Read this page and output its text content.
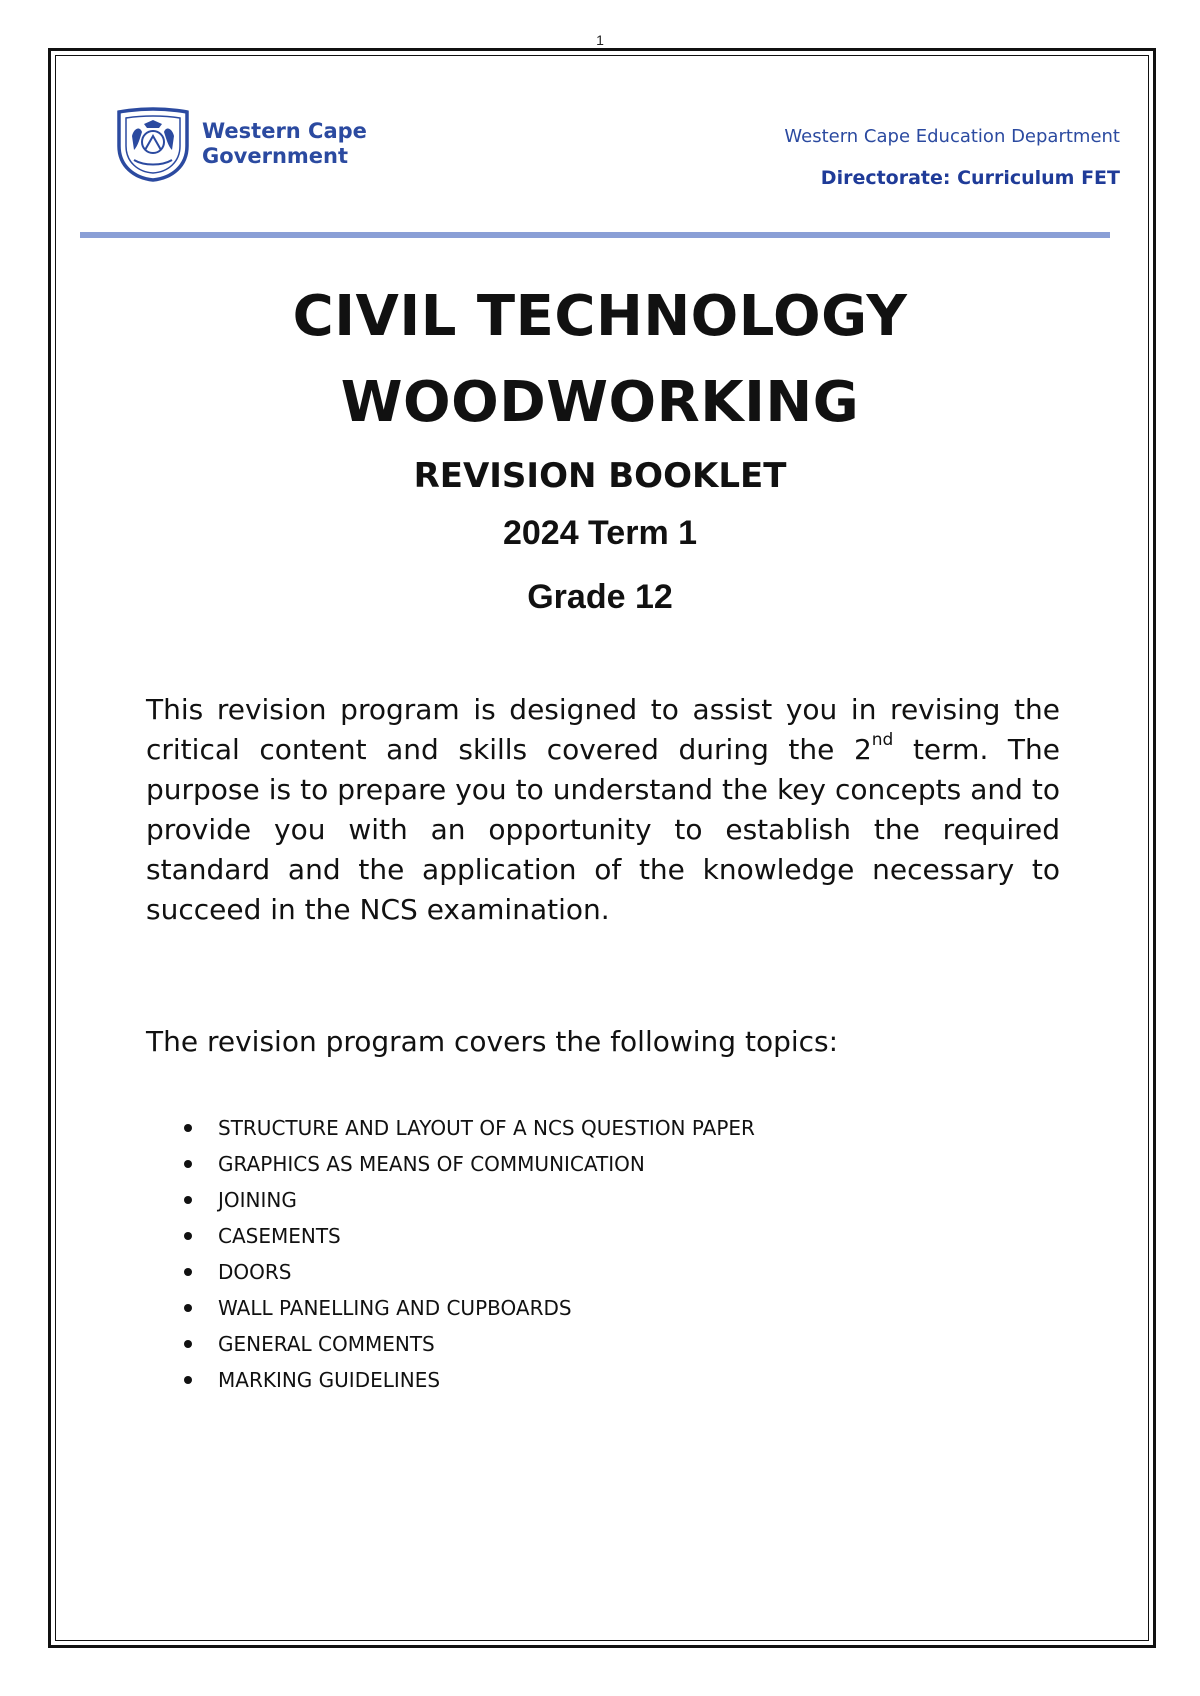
1
Western Cape
Government
Western Cape Education Department
Directorate: Curriculum FET
CIVIL TECHNOLOGY
WOODWORKING
REVISION BOOKLET
2024 Term 1
Grade 12

This revision program is designed to assist you in revising the critical content and skills covered during the 2nd term. The purpose is to prepare you to understand the key concepts and to provide you with an opportunity to establish the required standard and the application of the knowledge necessary to succeed in the NCS examination.

The revision program covers the following topics:
STRUCTURE AND LAYOUT OF A NCS QUESTION PAPER
GRAPHICS AS MEANS OF COMMUNICATION
JOINING
CASEMENTS
DOORS
WALL PANELLING AND CUPBOARDS
GENERAL COMMENTS
MARKING GUIDELINES
